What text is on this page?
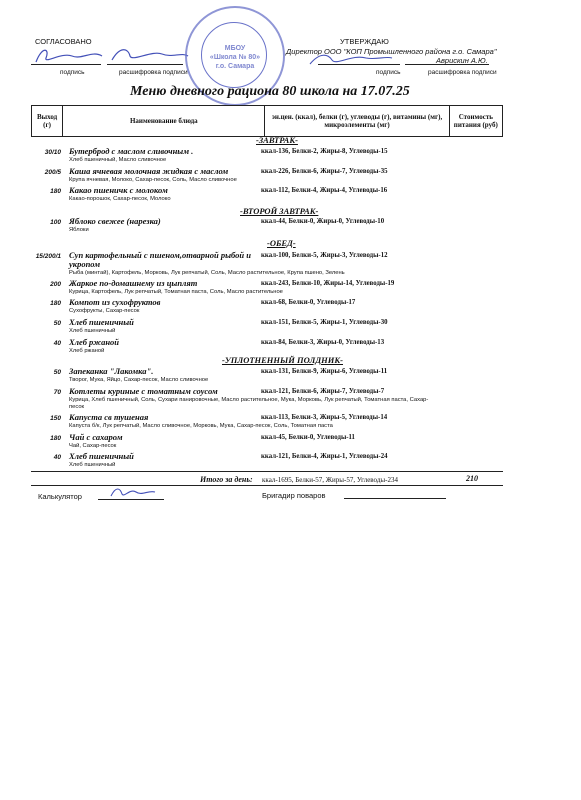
СОГЛАСОВАНО	УТВЕРЖДАЮ
Директор ООО "КОП Промышленного района г.о. Самара"
Аврискин А.Ю.
подпись	расшифровка подписи	подпись	расшифровка подписи
МБОУ
«Школа № 80»
г.о. Самара
Меню дневного рациона 80 школа на 17.07.25
Выход (г)	Наименование блюда	эн.цен. (ккал), белки (г), углеводы (г), витамины (мг), микроэлементы (мг)	Стоимость питания (руб)
-ЗАВТРАК-
-ВТОРОЙ ЗАВТРАК-
-ОБЕД-
-УПЛОТНЕННЫЙ ПОЛДНИК-
30/10 Бутерброд с маслом сливочным .
Хлеб пшеничный, Масло сливочное
ккал-136, Белки-2, Жиры-8, Углеводы-15
200/5 Каша ячневая молочная жидкая с маслом
Крупа ячневая, Молоко, Сахар-песок, Соль, Масло сливочное
ккал-226, Белки-6, Жиры-7, Углеводы-35
180 Какао пшеничк с молоком
Какао-порошок, Сахар-песок, Молоко
ккал-112, Белки-4, Жиры-4, Углеводы-16
100 Яблоко свежее (нарезка)
Яблоки
ккал-44, Белки-0, Жиры-0, Углеводы-10
15/200/1 Суп картофельный с пшеном,отварной рыбой и укропом
Рыба (минтай), Картофель, Морковь, Лук репчатый, Соль, Масло растительное, Крупа пшено, Зелень
ккал-100, Белки-5, Жиры-3, Углеводы-12
200 Жаркое по-домашнему из цыплят
Курица, Картофель, Лук репчатый, Томатная паста, Соль, Масло растительное
ккал-243, Белки-10, Жиры-14, Углеводы-19
180 Компот из сухофруктов
Сухофрукты, Сахар-песок
ккал-68, Белки-0, Углеводы-17
50 Хлеб пшеничный
Хлеб пшеничный
ккал-151, Белки-5, Жиры-1, Углеводы-30
40 Хлеб ржаной
Хлеб ржаной
ккал-84, Белки-3, Жиры-0, Углеводы-13
50 Запеканка "Лакомка".
Творог, Мука, Яйцо, Сахар-песок, Масло сливочное
ккал-131, Белки-9, Жиры-6, Углеводы-11
70 Котлеты куриные с томатным соусом
Курица, Хлеб пшеничный, Соль, Сухари панировочные, Масло растительное, Мука, Морковь, Лук репчатый, Томатная паста, Сахар-песок
ккал-121, Белки-6, Жиры-7, Углеводы-7
150 Капуста св тушеная
Капуста б/к, Лук репчатый, Масло сливочное, Морковь, Мука, Сахар-песок, Соль, Томатная паста
ккал-113, Белки-3, Жиры-5, Углеводы-14
180 Чай с сахаром
Чай, Сахар-песок
ккал-45, Белки-0, Углеводы-11
40 Хлеб пшеничный
Хлеб пшеничный
ккал-121, Белки-4, Жиры-1, Углеводы-24
Итого за день: ккал-1695, Белки-57, Жиры-57, Углеводы-234	210
Калькулятор	Бригадир поваров
